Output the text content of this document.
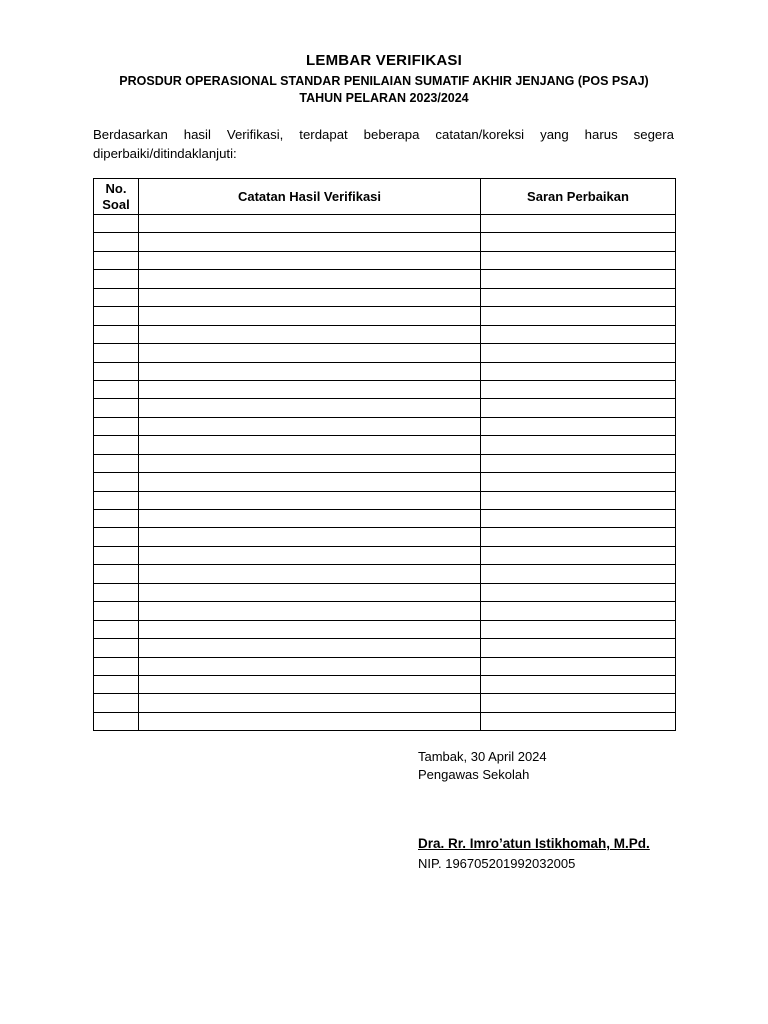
LEMBAR VERIFIKASI
PROSDUR OPERASIONAL STANDAR PENILAIAN SUMATIF AKHIR JENJANG (POS PSAJ)
TAHUN PELARAN 2023/2024
Berdasarkan hasil Verifikasi, terdapat beberapa catatan/koreksi yang harus segera diperbaiki/ditindaklanjuti:
No. Soal	Catatan Hasil Verifikasi	Saran Perbaikan

Tambak, 30 April 2024
Pengawas Sekolah
Dra. Rr. Imro’atun Istikhomah, M.Pd.
NIP. 196705201992032005
